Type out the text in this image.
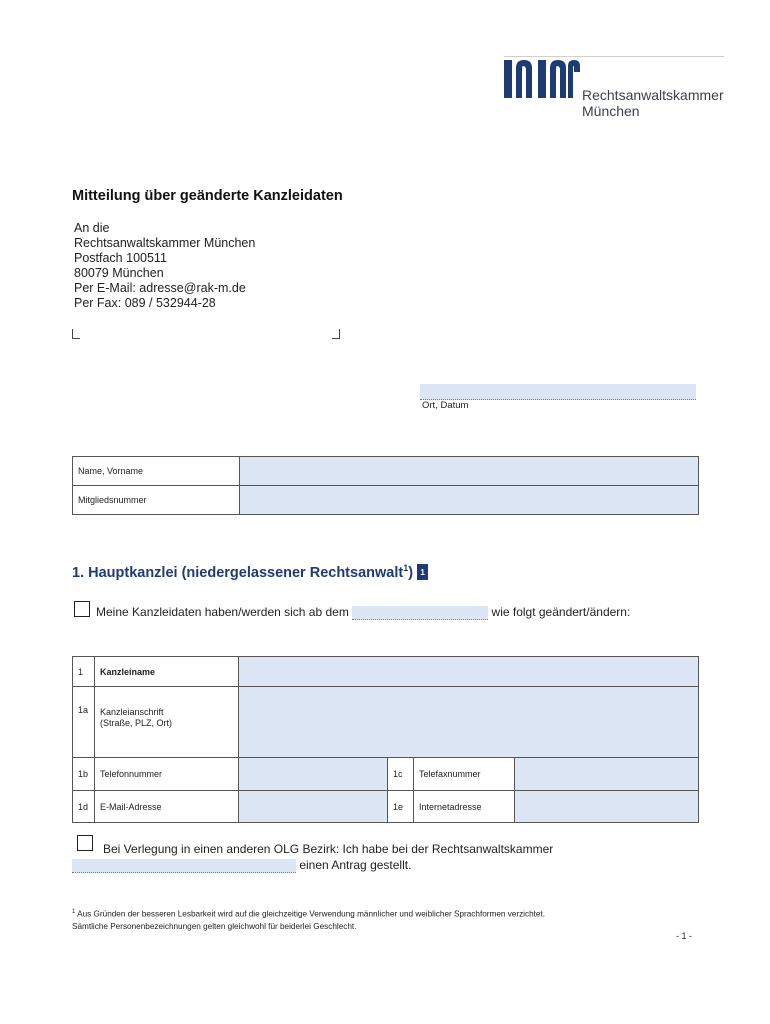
Rechtsanwaltskammer
München
Mitteilung über geänderte Kanzleidaten
An die
Rechtsanwaltskammer München
Postfach 100511
80079 München
Per E-Mail: adresse@rak-m.de
Per Fax: 089 / 532944-28
Ort, Datum
Name, Vorname	
Mitgliedsnummer	
1. Hauptkanzlei (niedergelassener Rechtsanwalt$^1$) 1
Meine Kanzleidaten haben/werden sich ab dem	wie folgt geändert/ändern:
1	Kanzleiname				
1a	Kanzleianschrift
(Straße, PLZ, Ort)				

1b	Telefonnummer		1c	Telefaxnummer	
1d	E-Mail-Adresse		1e	Internetadresse	
Bei Verlegung in einen anderen OLG Bezirk: Ich habe bei der Rechtsanwaltskammer
einen Antrag gestellt.
$^1$ Aus Gründen der besseren Lesbarkeit wird auf die gleichzeitige Verwendung männlicher und weiblicher Sprachformen verzichtet.
Sämtliche Personenbezeichnungen gelten gleichwohl für beiderlei Geschlecht.
- 1 -
